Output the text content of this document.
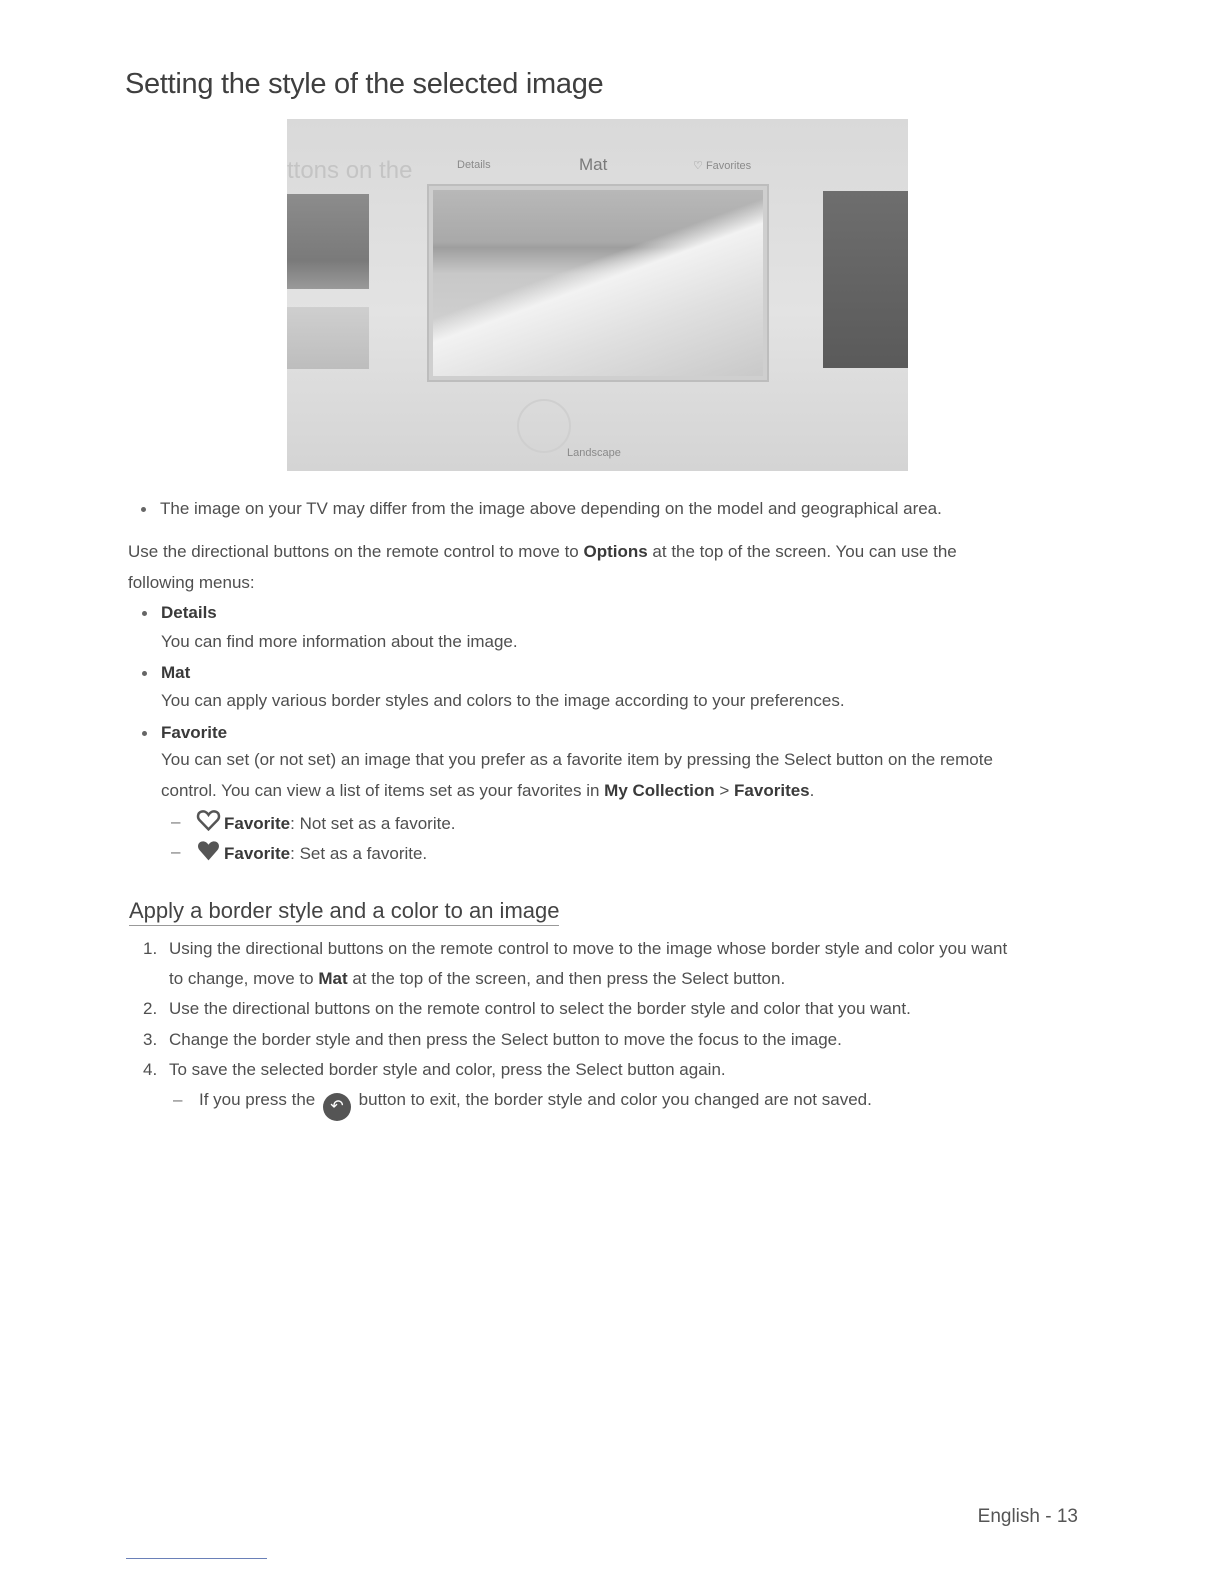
Setting the style of the selected image
ttons on the	Details	Mat	♡ Favorites
Landscape
The image on your TV may differ from the image above depending on the model and geographical area.
Use the directional buttons on the remote control to move to Options at the top of the screen. You can use the
following menus:
Details
You can find more information about the image.
Mat
You can apply various border styles and colors to the image according to your preferences.
Favorite
You can set (or not set) an image that you prefer as a favorite item by pressing the Select button on the remote
control. You can view a list of items set as your favorites in My Collection > Favorites.
–	Favorite: Not set as a favorite.
–	Favorite: Set as a favorite.
Apply a border style and a color to an image
1. Using the directional buttons on the remote control to move to the image whose border style and color you want
to change, move to Mat at the top of the screen, and then press the Select button.
2. Use the directional buttons on the remote control to select the border style and color that you want.
3. Change the border style and then press the Select button to move the focus to the image.
4. To save the selected border style and color, press the Select button again.
– If you press the ↶ button to exit, the border style and color you changed are not saved.
English - 13
